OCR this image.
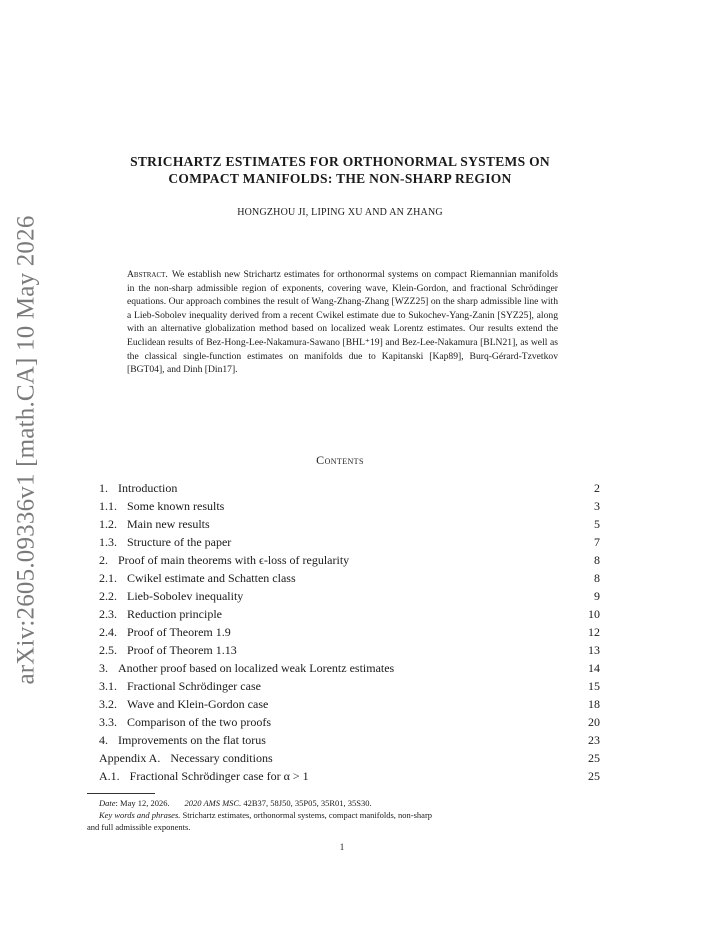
arXiv:2605.09336v1 [math.CA] 10 May 2026
STRICHARTZ ESTIMATES FOR ORTHONORMAL SYSTEMS ON
COMPACT MANIFOLDS: THE NON-SHARP REGION
HONGZHOU JI, LIPING XU AND AN ZHANG
Abstract. We establish new Strichartz estimates for orthonormal systems on compact Riemannian manifolds in the non-sharp admissible region of exponents, covering wave, Klein-Gordon, and fractional Schrödinger equations. Our approach combines the result of Wang-Zhang-Zhang [WZZ25] on the sharp admissible line with a Lieb-Sobolev inequality derived from a recent Cwikel estimate due to Sukochev-Yang-Zanin [SYZ25], along with an alternative globalization method based on localized weak Lorentz estimates. Our results extend the Euclidean results of Bez-Hong-Lee-Nakamura-Sawano [BHL⁺19] and Bez-Lee-Nakamura [BLN21], as well as the classical single-function estimates on manifolds due to Kapitanski [Kap89], Burq-Gérard-Tzvetkov [BGT04], and Dinh [Din17].
Contents
1. Introduction	2
1.1. Some known results	3
1.2. Main new results	5
1.3. Structure of the paper	7
2. Proof of main theorems with ϵ-loss of regularity	8
2.1. Cwikel estimate and Schatten class	8
2.2. Lieb-Sobolev inequality	9
2.3. Reduction principle	10
2.4. Proof of Theorem 1.9	12
2.5. Proof of Theorem 1.13	13
3. Another proof based on localized weak Lorentz estimates	14
3.1. Fractional Schrödinger case	15
3.2. Wave and Klein-Gordon case	18
3.3. Comparison of the two proofs	20
4. Improvements on the flat torus	23
Appendix A. Necessary conditions	25
A.1. Fractional Schrödinger case for α > 1	25
Date: May 12, 2026. 2020 AMS MSC. 42B37, 58J50, 35P05, 35R01, 35S30.
Key words and phrases. Strichartz estimates, orthonormal systems, compact manifolds, non-sharp
and full admissible exponents.
1
